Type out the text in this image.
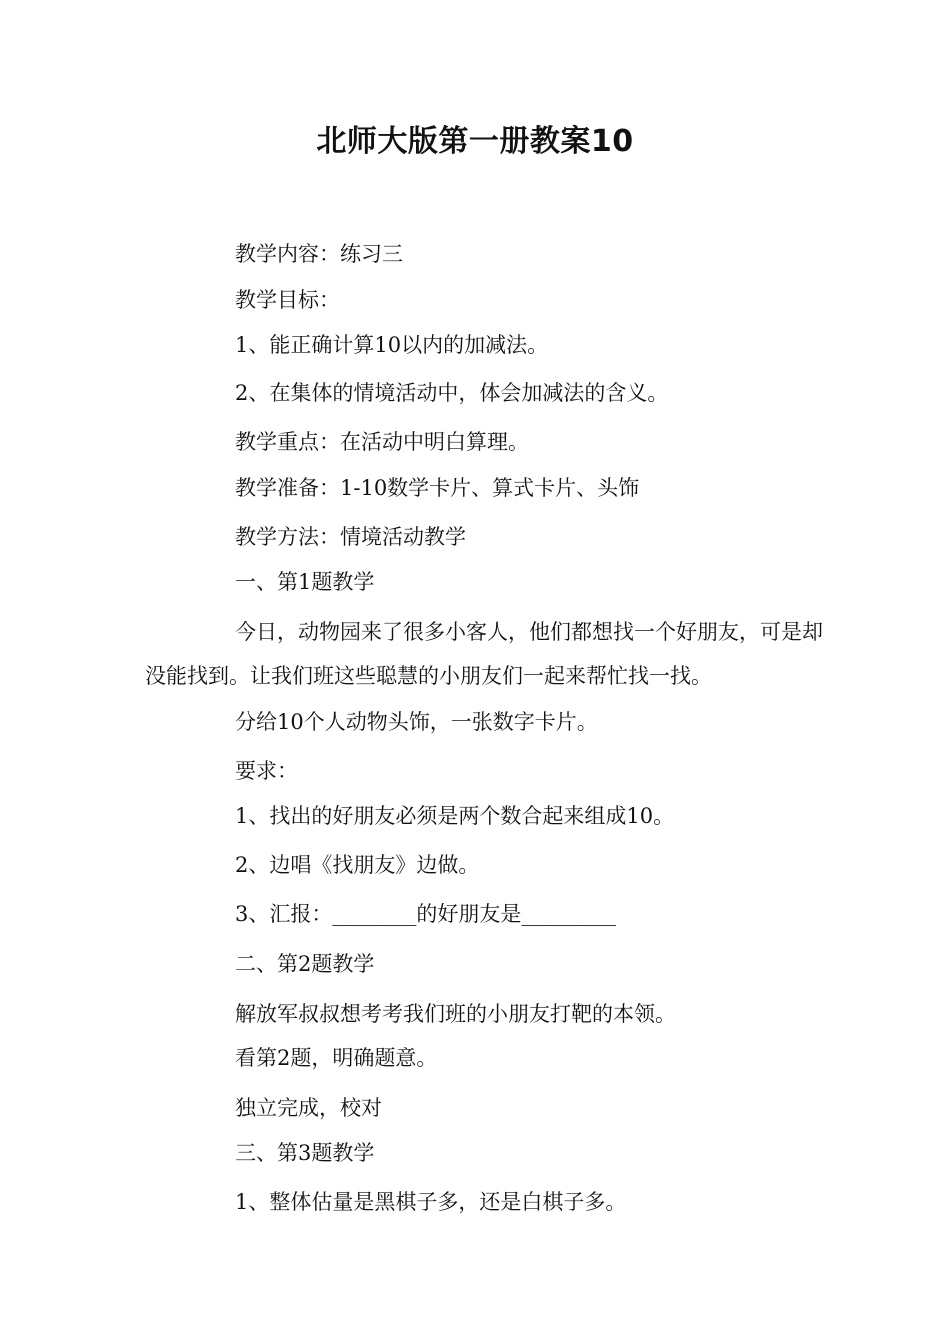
北师大版第一册教案10
教学内容：练习三
教学目标：
1、能正确计算10以内的加减法。
2、在集体的情境活动中，体会加减法的含义。
教学重点：在活动中明白算理。
教学准备：1-10数学卡片、算式卡片、头饰
教学方法：情境活动教学
一、第1题教学
今日，动物园来了很多小客人，他们都想找一个好朋友，可是却没能找到。让我们班这些聪慧的小朋友们一起来帮忙找一找。
分给10个人动物头饰，一张数字卡片。
要求：
1、找出的好朋友必须是两个数合起来组成10。
2、边唱《找朋友》边做。
3、汇报：________的好朋友是_________
二、第2题教学
解放军叔叔想考考我们班的小朋友打靶的本领。
看第2题，明确题意。
独立完成，校对
三、第3题教学
1、整体估量是黑棋子多，还是白棋子多。
